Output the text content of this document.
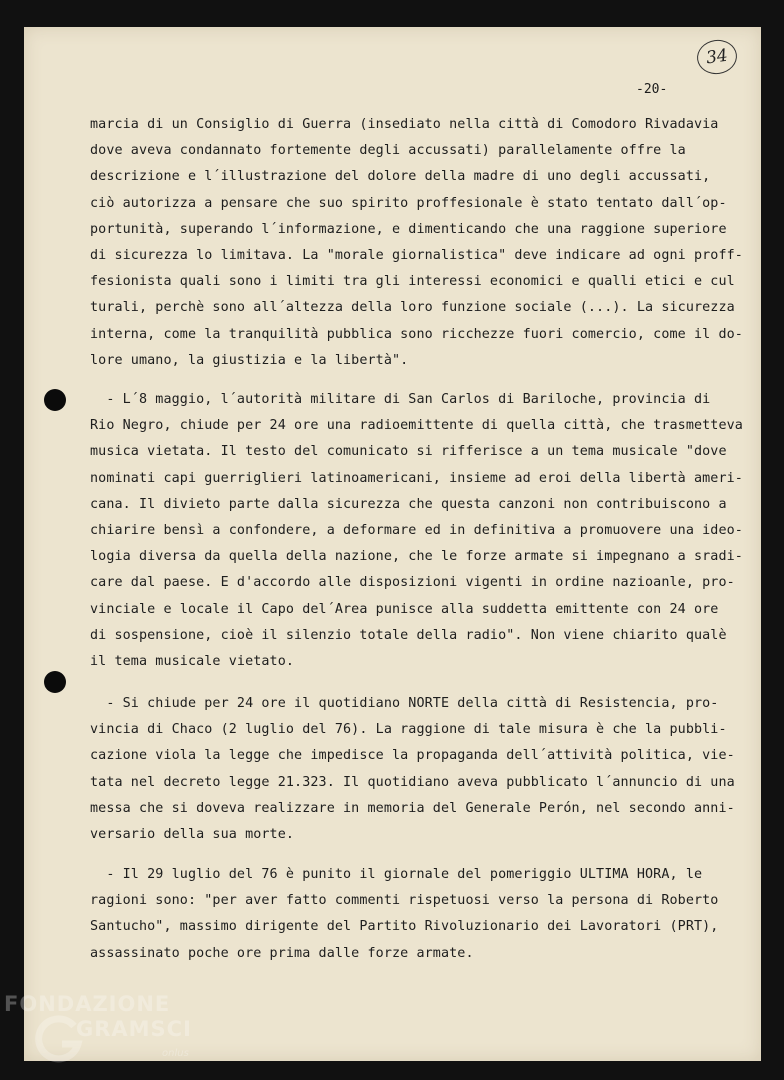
34
-20-
marcia di un Consiglio di Guerra (insediato nella città di Comodoro Rivadavia
dove aveva condannato fortemente degli accussati) parallelamente offre la
descrizione e l´illustrazione del dolore della madre di uno degli accussati,
ciò autorizza a pensare che suo spirito proffesionale è stato tentato dall´op-
portunità, superando l´informazione, e dimenticando che una raggione superiore
di sicurezza lo limitava. La "morale giornalistica" deve indicare ad ogni proff-
fesionista quali sono i limiti tra gli interessi economici e qualli etici e cul
turali, perchè sono all´altezza della loro funzione sociale (...). La sicurezza
interna, come la tranquilità pubblica sono ricchezze fuori comercio, come il do-
lore umano, la giustizia e la libertà".
- L´8 maggio, l´autorità militare di San Carlos di Bariloche, provincia di
Rio Negro, chiude per 24 ore una radioemittente di quella città, che trasmetteva
musica vietata. Il testo del comunicato si rifferisce a un tema musicale "dove
nominati capi guerriglieri latinoamericani, insieme ad eroi della libertà ameri-
cana. Il divieto parte dalla sicurezza che questa canzoni non contribuiscono a
chiarire bensì a confondere, a deformare ed in definitiva a promuovere una ideo-
logia diversa da quella della nazione, che le forze armate si impegnano a sradi-
care dal paese. E d'accordo alle disposizioni vigenti in ordine nazioanle, pro-
vinciale e locale il Capo del´Area punisce alla suddetta emittente con 24 ore
di sospensione, cioè il silenzio totale della radio". Non viene chiarito qualè
il tema musicale vietato.
- Si chiude per 24 ore il quotidiano NORTE della città di Resistencia, pro-
vincia di Chaco (2 luglio del 76). La raggione di tale misura è che la pubbli-
cazione viola la legge che impedisce la propaganda dell´attività politica, vie-
tata nel decreto legge 21.323. Il quotidiano aveva pubblicato l´annuncio di una
messa che si doveva realizzare in memoria del Generale Perón, nel secondo anni-
versario della sua morte.
- Il 29 luglio del 76 è punito il giornale del pomeriggio ULTIMA HORA, le
ragioni sono: "per aver fatto commenti rispetuosi verso la persona di Roberto
Santucho", massimo dirigente del Partito Rivoluzionario dei Lavoratori (PRT),
assassinato poche ore prima dalle forze armate.
FONDAZIONE
GRAMSCI
onlus
